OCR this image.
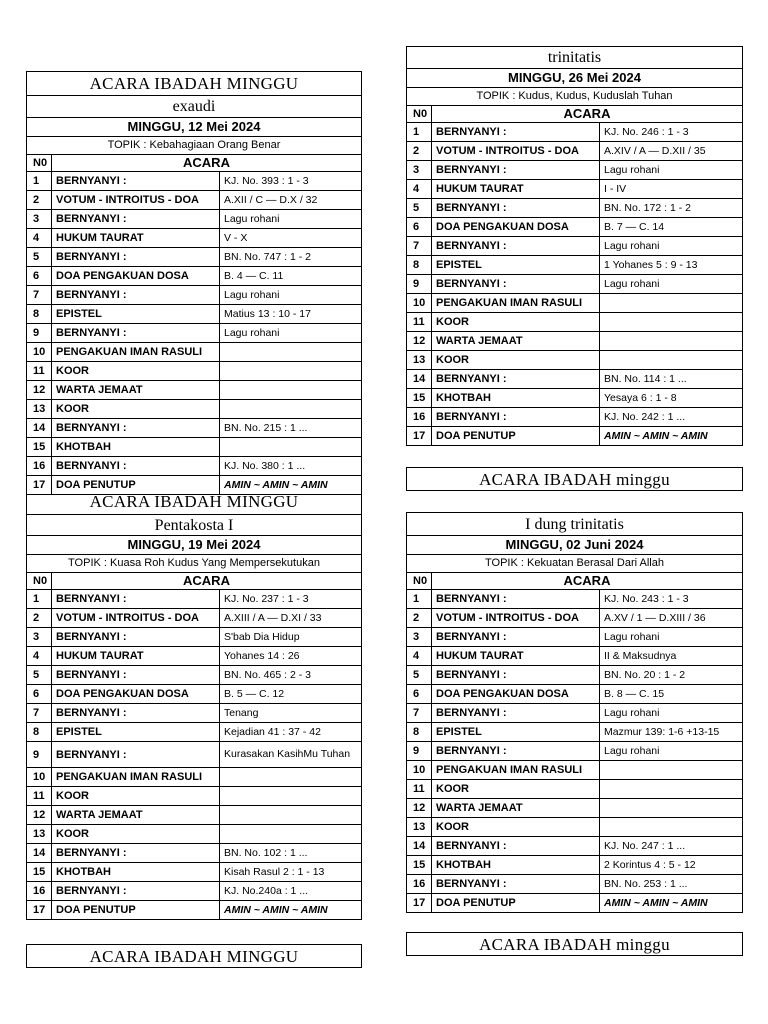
ACARA IBADAH MINGGU
exaudi
MINGGU, 12 Mei 2024
TOPIK : Kebahagiaan Orang Benar
N0	ACARA	
1	BERNYANYI :	KJ. No. 393 : 1 - 3
2	VOTUM - INTROITUS - DOA	A.XII / C — D.X / 32
3	BERNYANYI :	Lagu rohani
4	HUKUM TAURAT	V - X
5	BERNYANYI :	BN. No. 747 : 1 - 2
6	DOA PENGAKUAN DOSA	B. 4 — C. 11
7	BERNYANYI :	Lagu rohani
8	EPISTEL	Matius 13 : 10 - 17
9	BERNYANYI :	Lagu rohani
10	PENGAKUAN IMAN RASULI	
11	KOOR	
12	WARTA JEMAAT	
13	KOOR	
14	BERNYANYI :	BN. No. 215 : 1 ...
15	KHOTBAH	
16	BERNYANYI :	KJ. No. 380 : 1 ...
17	DOA PENUTUP	AMIN ~ AMIN ~ AMIN
ACARA IBADAH MINGGU
Pentakosta I
MINGGU, 19 Mei 2024
TOPIK : Kuasa Roh Kudus Yang Mempersekutukan
N0	ACARA	
1	BERNYANYI :	KJ. No. 237 : 1 - 3
2	VOTUM - INTROITUS - DOA	A.XIII / A — D.XI / 33
3	BERNYANYI :	S'bab Dia Hidup
4	HUKUM TAURAT	Yohanes 14 : 26
5	BERNYANYI :	BN. No. 465 : 2 - 3
6	DOA PENGAKUAN DOSA	B. 5 — C. 12
7	BERNYANYI :	Tenang
8	EPISTEL	Kejadian 41 : 37 - 42
9	BERNYANYI :	Kurasakan KasihMu Tuhan
10	PENGAKUAN IMAN RASULI	
11	KOOR	
12	WARTA JEMAAT	
13	KOOR	
14	BERNYANYI :	BN. No. 102 : 1 ...
15	KHOTBAH	Kisah Rasul 2 : 1 - 13
16	BERNYANYI :	KJ. No.240a : 1 ...
17	DOA PENUTUP	AMIN ~ AMIN ~ AMIN
ACARA IBADAH MINGGU
trinitatis
MINGGU, 26 Mei 2024
TOPIK : Kudus, Kudus, Kuduslah Tuhan
N0	ACARA	
1	BERNYANYI :	KJ. No. 246 : 1 - 3
2	VOTUM - INTROITUS - DOA	A.XIV / A — D.XII / 35
3	BERNYANYI :	Lagu rohani
4	HUKUM TAURAT	I - IV
5	BERNYANYI :	BN. No. 172 : 1 - 2
6	DOA PENGAKUAN DOSA	B. 7 — C. 14
7	BERNYANYI :	Lagu rohani
8	EPISTEL	1 Yohanes 5 : 9 - 13
9	BERNYANYI :	Lagu rohani
10	PENGAKUAN IMAN RASULI	
11	KOOR	
12	WARTA JEMAAT	
13	KOOR	
14	BERNYANYI :	BN. No. 114 : 1 ...
15	KHOTBAH	Yesaya 6 : 1 - 8
16	BERNYANYI :	KJ. No. 242 : 1 ...
17	DOA PENUTUP	AMIN ~ AMIN ~ AMIN
ACARA IBADAH minggu
I dung trinitatis
MINGGU, 02 Juni 2024
TOPIK : Kekuatan Berasal Dari Allah
N0	ACARA	
1	BERNYANYI :	KJ. No. 243 : 1 - 3
2	VOTUM - INTROITUS - DOA	A.XV / 1 — D.XIII / 36
3	BERNYANYI :	Lagu rohani
4	HUKUM TAURAT	II & Maksudnya
5	BERNYANYI :	BN. No. 20 : 1 - 2
6	DOA PENGAKUAN DOSA	B. 8 — C. 15
7	BERNYANYI :	Lagu rohani
8	EPISTEL	Mazmur 139: 1-6 +13-15
9	BERNYANYI :	Lagu rohani
10	PENGAKUAN IMAN RASULI	
11	KOOR	
12	WARTA JEMAAT	
13	KOOR	
14	BERNYANYI :	KJ. No. 247 : 1 ...
15	KHOTBAH	2 Korintus 4 : 5 - 12
16	BERNYANYI :	BN. No. 253 : 1 ...
17	DOA PENUTUP	AMIN ~ AMIN ~ AMIN
ACARA IBADAH minggu
